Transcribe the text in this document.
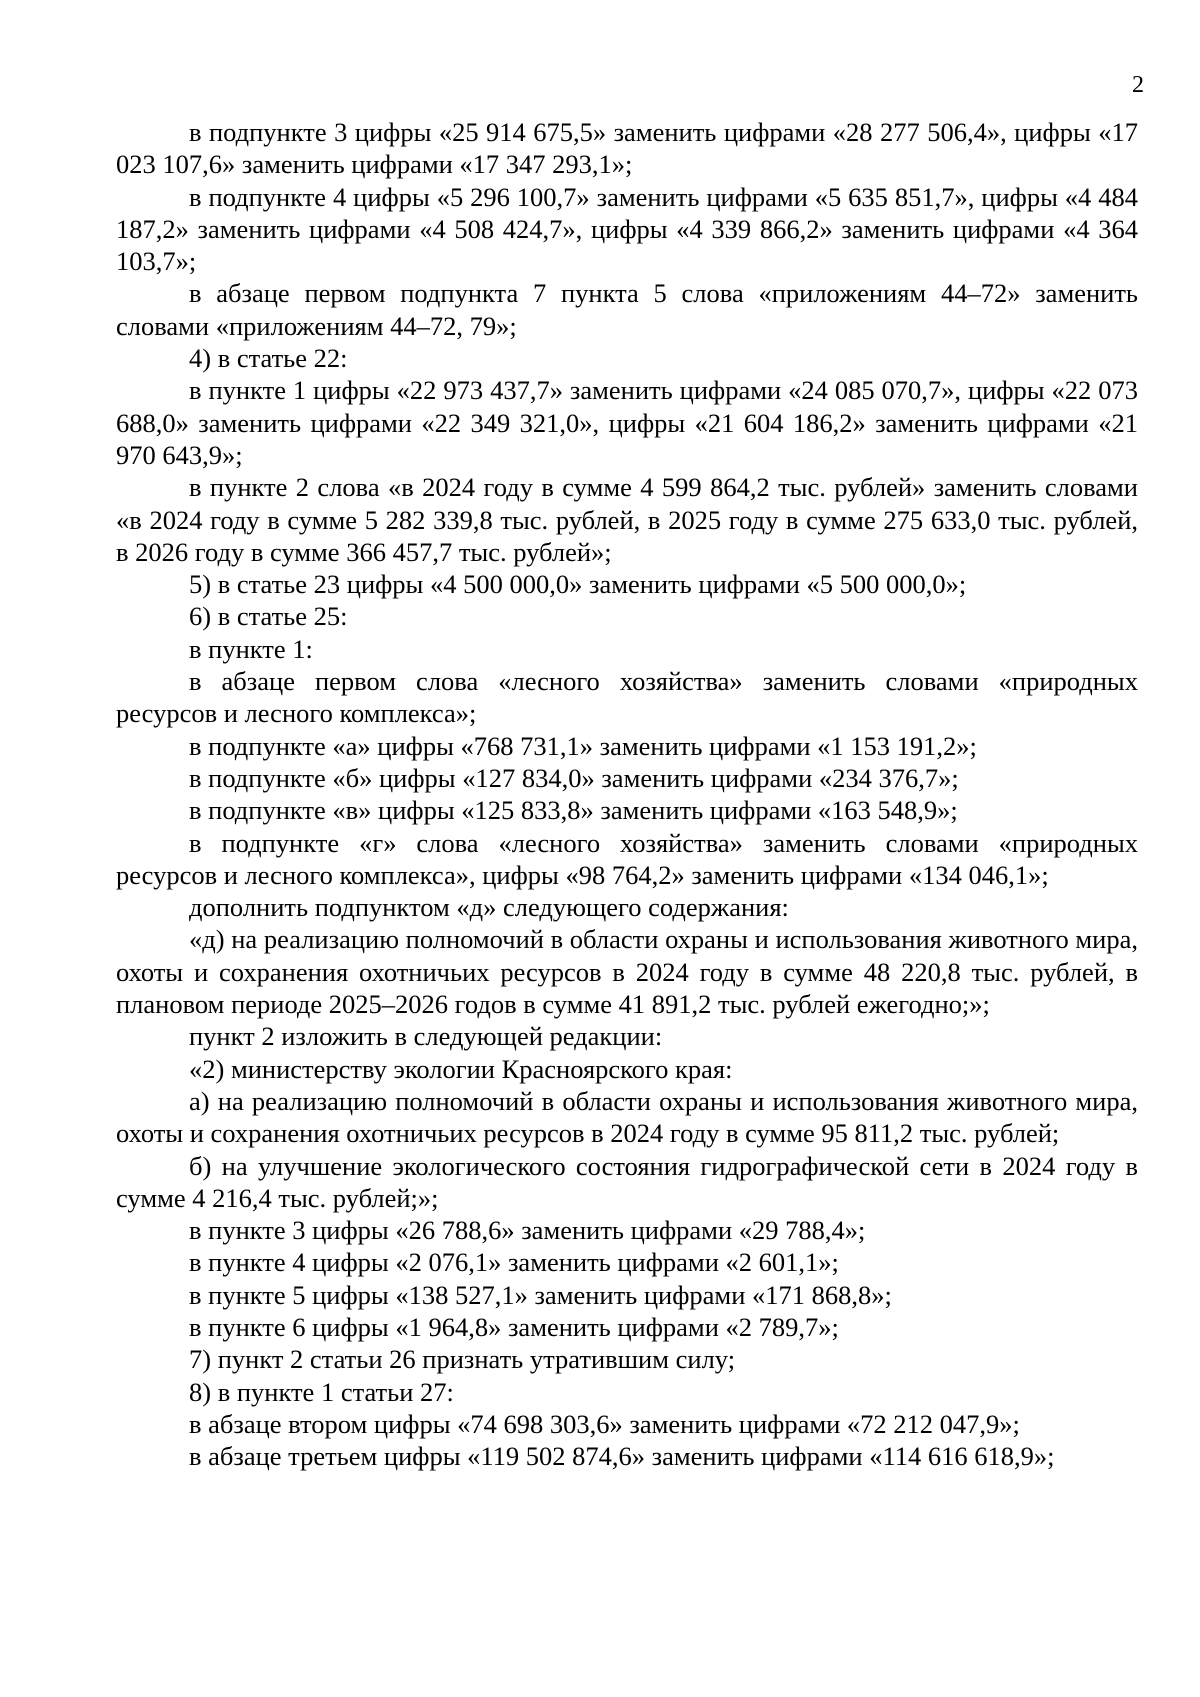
2

в подпункте 3 цифры «25 914 675,5» заменить цифрами «28 277 506,4», цифры «17 023 107,6» заменить цифрами «17 347 293,1»;

в подпункте 4 цифры «5 296 100,7» заменить цифрами «5 635 851,7», цифры «4 484 187,2» заменить цифрами «4 508 424,7», цифры «4 339 866,2» заменить цифрами «4 364 103,7»;

в абзаце первом подпункта 7 пункта 5 слова «приложениям 44–72» заменить словами «приложениям 44–72, 79»;

4) в статье 22:

в пункте 1 цифры «22 973 437,7» заменить цифрами «24 085 070,7», цифры «22 073 688,0» заменить цифрами «22 349 321,0», цифры «21 604 186,2» заменить цифрами «21 970 643,9»;

в пункте 2 слова «в 2024 году в сумме 4 599 864,2 тыс. рублей» заменить словами «в 2024 году в сумме 5 282 339,8 тыс. рублей, в 2025 году в сумме 275 633,0 тыс. рублей, в 2026 году в сумме 366 457,7 тыс. рублей»;

5) в статье 23 цифры «4 500 000,0» заменить цифрами «5 500 000,0»;

6) в статье 25:

в пункте 1:

в абзаце первом слова «лесного хозяйства» заменить словами «природных ресурсов и лесного комплекса»;

в подпункте «а» цифры «768 731,1» заменить цифрами «1 153 191,2»;

в подпункте «б» цифры «127 834,0» заменить цифрами «234 376,7»;

в подпункте «в» цифры «125 833,8» заменить цифрами «163 548,9»;

в подпункте «г» слова «лесного хозяйства» заменить словами «природных ресурсов и лесного комплекса», цифры «98 764,2» заменить цифрами «134 046,1»;

дополнить подпунктом «д» следующего содержания:

«д) на реализацию полномочий в области охраны и использования животного мира, охоты и сохранения охотничьих ресурсов в 2024 году в сумме 48 220,8 тыс. рублей, в плановом периоде 2025–2026 годов в сумме 41 891,2 тыс. рублей ежегодно;»;

пункт 2 изложить в следующей редакции:

«2) министерству экологии Красноярского края:

а) на реализацию полномочий в области охраны и использования животного мира, охоты и сохранения охотничьих ресурсов в 2024 году в сумме 95 811,2 тыс. рублей;

б) на улучшение экологического состояния гидрографической сети в 2024 году в сумме 4 216,4 тыс. рублей;»;

в пункте 3 цифры «26 788,6» заменить цифрами «29 788,4»;

в пункте 4 цифры «2 076,1» заменить цифрами «2 601,1»;

в пункте 5 цифры «138 527,1» заменить цифрами «171 868,8»;

в пункте 6 цифры «1 964,8» заменить цифрами «2 789,7»;

7) пункт 2 статьи 26 признать утратившим силу;

8) в пункте 1 статьи 27:

в абзаце втором цифры «74 698 303,6» заменить цифрами «72 212 047,9»;

в абзаце третьем цифры «119 502 874,6» заменить цифрами «114 616 618,9»;
